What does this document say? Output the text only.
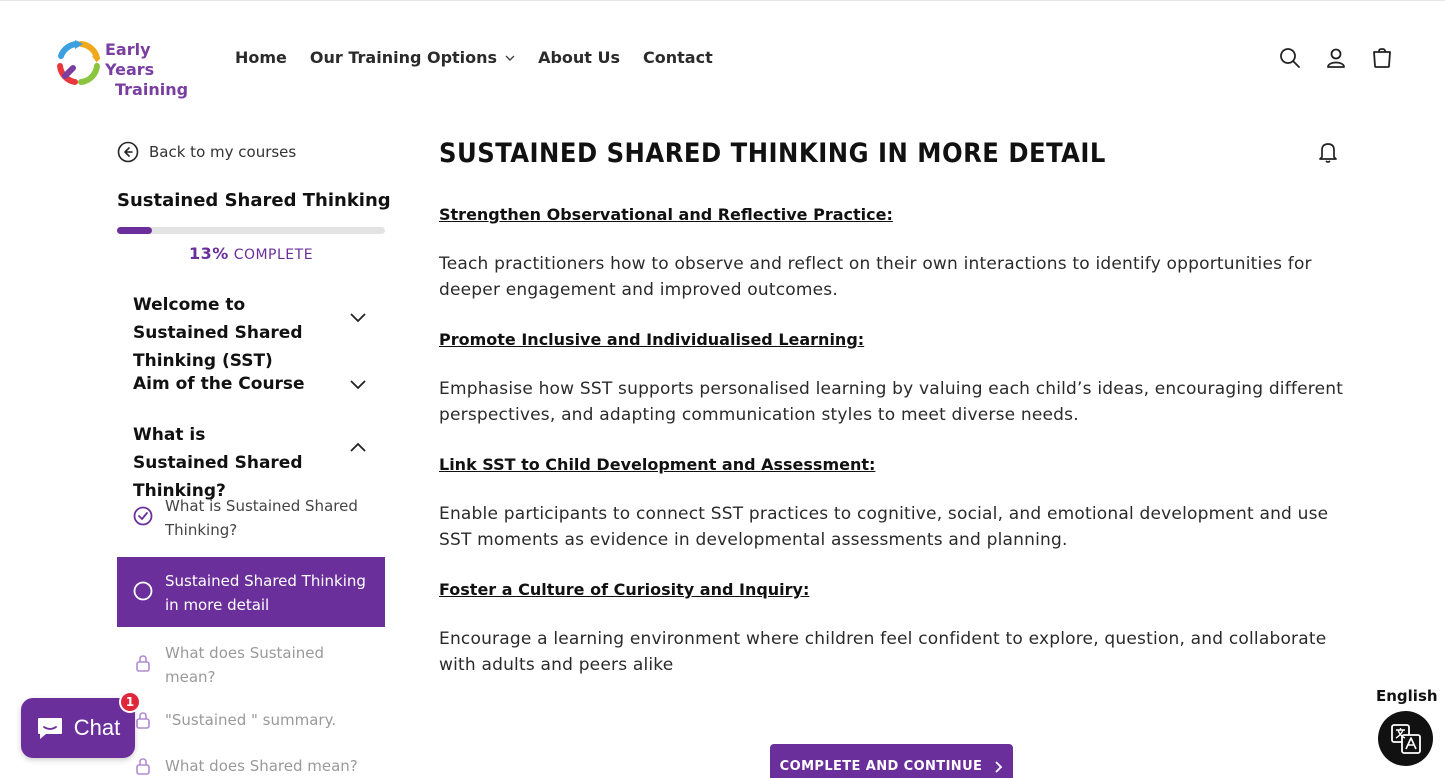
Early Years
Training
Home Our Training Options	About Us Contact
Back to my courses
Sustained Shared Thinking
13% COMPLETE
Welcome to Sustained Shared Thinking (SST)
Aim of the Course
What is Sustained Shared Thinking?
What is Sustained Shared Thinking?
Sustained Shared Thinking in more detail
What does Sustained mean?
"Sustained " summary.
What does Shared mean?
SUSTAINED SHARED THINKING IN MORE DETAIL
Strengthen Observational and Reflective Practice:
Teach practitioners how to observe and reflect on their own interactions to identify opportunities for deeper engagement and improved outcomes.
Promote Inclusive and Individualised Learning:
Emphasise how SST supports personalised learning by valuing each child’s ideas, encouraging different perspectives, and adapting communication styles to meet diverse needs.
Link SST to Child Development and Assessment:
Enable participants to connect SST practices to cognitive, social, and emotional development and use SST moments as evidence in developmental assessments and planning.
Foster a Culture of Curiosity and Inquiry:
Encourage a learning environment where children feel confident to explore, question, and collaborate with adults and peers alike
COMPLETE AND CONTINUE
Chat
1	English
